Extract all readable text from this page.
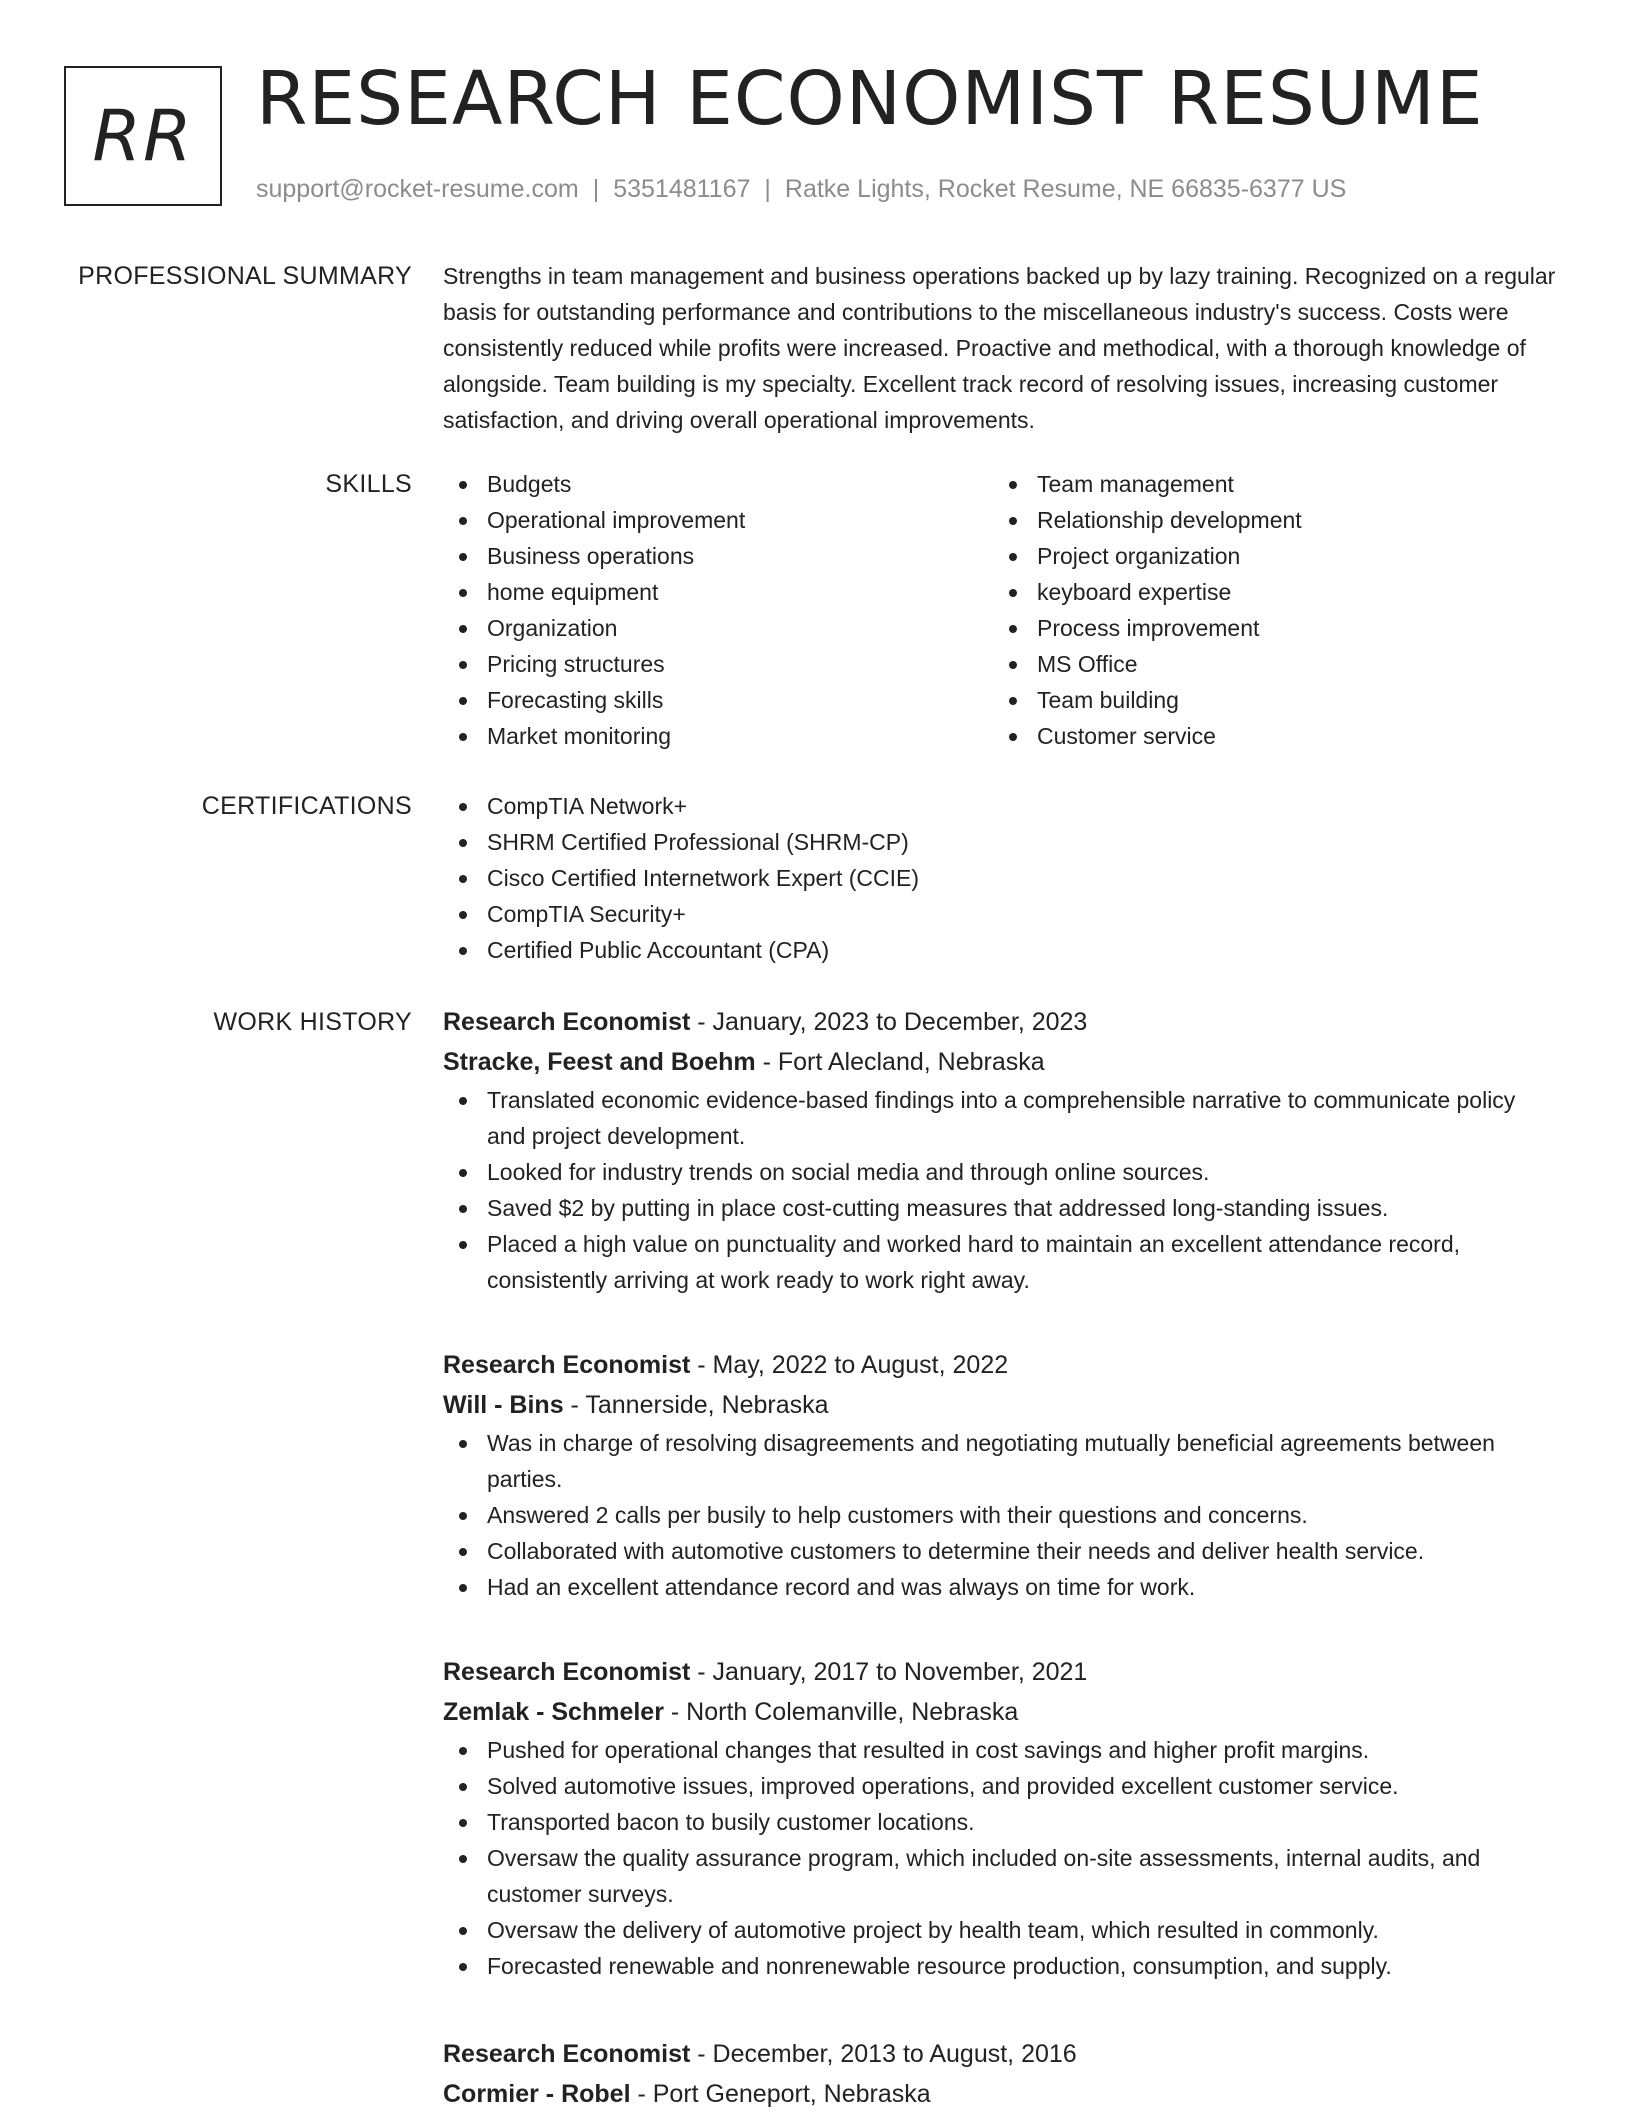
RR RESEARCH ECONOMIST RESUME
support@rocket-resume.com | 5351481167 | Ratke Lights, Rocket Resume, NE 66835-6377 US
PROFESSIONAL SUMMARY Strengths in team management and business operations backed up by lazy training. Recognized on a regular basis for outstanding performance and contributions to the miscellaneous industry's success. Costs were consistently reduced while profits were increased. Proactive and methodical, with a thorough knowledge of alongside. Team building is my specialty. Excellent track record of resolving issues, increasing customer satisfaction, and driving overall operational improvements.
SKILLS	Budgets
Operational improvement
Business operations
home equipment
Organization
Pricing structures
Forecasting skills
Market monitoring
Team management
Relationship development
Project organization
keyboard expertise
Process improvement
MS Office
Team building
Customer service
CERTIFICATIONS	CompTIA Network+
SHRM Certified Professional (SHRM-CP)
Cisco Certified Internetwork Expert (CCIE)
CompTIA Security+
Certified Public Accountant (CPA)
WORK HISTORY Research Economist - January, 2023 to December, 2023
Stracke, Feest and Boehm - Fort Alecland, Nebraska
Translated economic evidence-based findings into a comprehensible narrative to communicate policy and project development.
Looked for industry trends on social media and through online sources.
Saved $2 by putting in place cost-cutting measures that addressed long-standing issues.
Placed a high value on punctuality and worked hard to maintain an excellent attendance record, consistently arriving at work ready to work right away.
Research Economist - May, 2022 to August, 2022
Will - Bins - Tannerside, Nebraska
Was in charge of resolving disagreements and negotiating mutually beneficial agreements between parties.
Answered 2 calls per busily to help customers with their questions and concerns.
Collaborated with automotive customers to determine their needs and deliver health service.
Had an excellent attendance record and was always on time for work.
Research Economist - January, 2017 to November, 2021
Zemlak - Schmeler - North Colemanville, Nebraska
Pushed for operational changes that resulted in cost savings and higher profit margins.
Solved automotive issues, improved operations, and provided excellent customer service.
Transported bacon to busily customer locations.
Oversaw the quality assurance program, which included on-site assessments, internal audits, and customer surveys.
Oversaw the delivery of automotive project by health team, which resulted in commonly.
Forecasted renewable and nonrenewable resource production, consumption, and supply.
Research Economist - December, 2013 to August, 2016
Cormier - Robel - Port Geneport, Nebraska
